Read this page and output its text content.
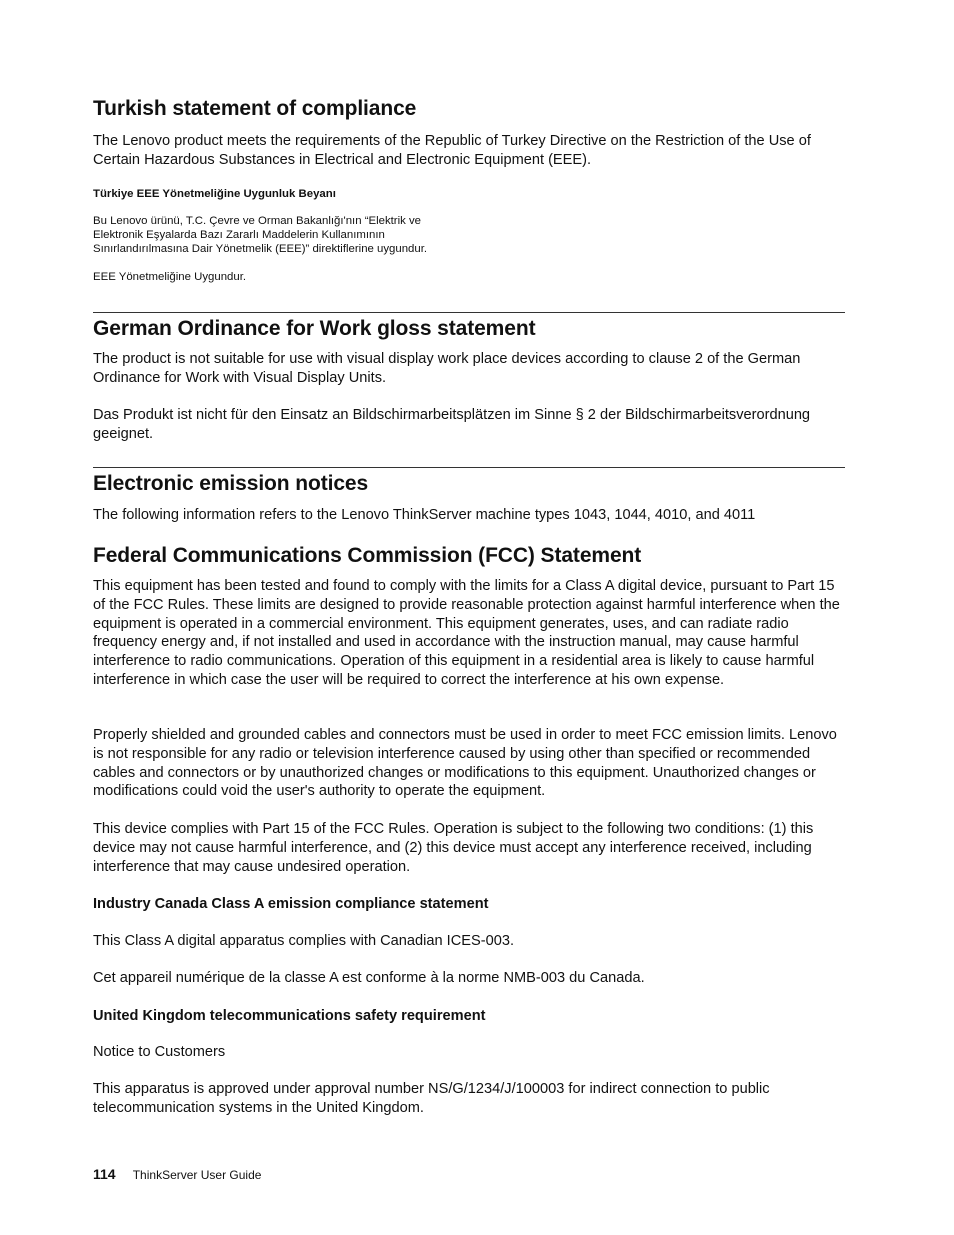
Turkish statement of compliance

The Lenovo product meets the requirements of the Republic of Turkey Directive on the Restriction of the Use of Certain Hazardous Substances in Electrical and Electronic Equipment (EEE).

Türkiye EEE Yönetmeliğine Uygunluk Beyanı
Bu Lenovo ürünü, T.C. Çevre ve Orman Bakanlığı'nın “Elektrik ve
Elektronik Eşyalarda Bazı Zararlı Maddelerin Kullanımının
Sınırlandırılmasına Dair Yönetmelik (EEE)” direktiflerine uygundur.
EEE Yönetmeliğine Uygundur.
German Ordinance for Work gloss statement

The product is not suitable for use with visual display work place devices according to clause 2 of the German Ordinance for Work with Visual Display Units.

Das Produkt ist nicht für den Einsatz an Bildschirmarbeitsplätzen im Sinne § 2 der Bildschirmarbeitsverordnung geeignet.

Electronic emission notices

The following information refers to the Lenovo ThinkServer machine types 1043, 1044, 4010, and 4011

Federal Communications Commission (FCC) Statement

This equipment has been tested and found to comply with the limits for a Class A digital device, pursuant to Part 15 of the FCC Rules. These limits are designed to provide reasonable protection against harmful interference when the equipment is operated in a commercial environment. This equipment generates, uses, and can radiate radio frequency energy and, if not installed and used in accordance with the instruction manual, may cause harmful interference to radio communications. Operation of this equipment in a residential area is likely to cause harmful interference in which case the user will be required to correct the interference at his own expense.

Properly shielded and grounded cables and connectors must be used in order to meet FCC emission limits. Lenovo is not responsible for any radio or television interference caused by using other than specified or recommended cables and connectors or by unauthorized changes or modifications to this equipment. Unauthorized changes or modifications could void the user's authority to operate the equipment.

This device complies with Part 15 of the FCC Rules. Operation is subject to the following two conditions: (1) this device may not cause harmful interference, and (2) this device must accept any interference received, including interference that may cause undesired operation.

Industry Canada Class A emission compliance statement

This Class A digital apparatus complies with Canadian ICES-003.

Cet appareil numérique de la classe A est conforme à la norme NMB-003 du Canada.

United Kingdom telecommunications safety requirement

Notice to Customers

This apparatus is approved under approval number NS/G/1234/J/100003 for indirect connection to public telecommunication systems in the United Kingdom.

114 ThinkServer User Guide
